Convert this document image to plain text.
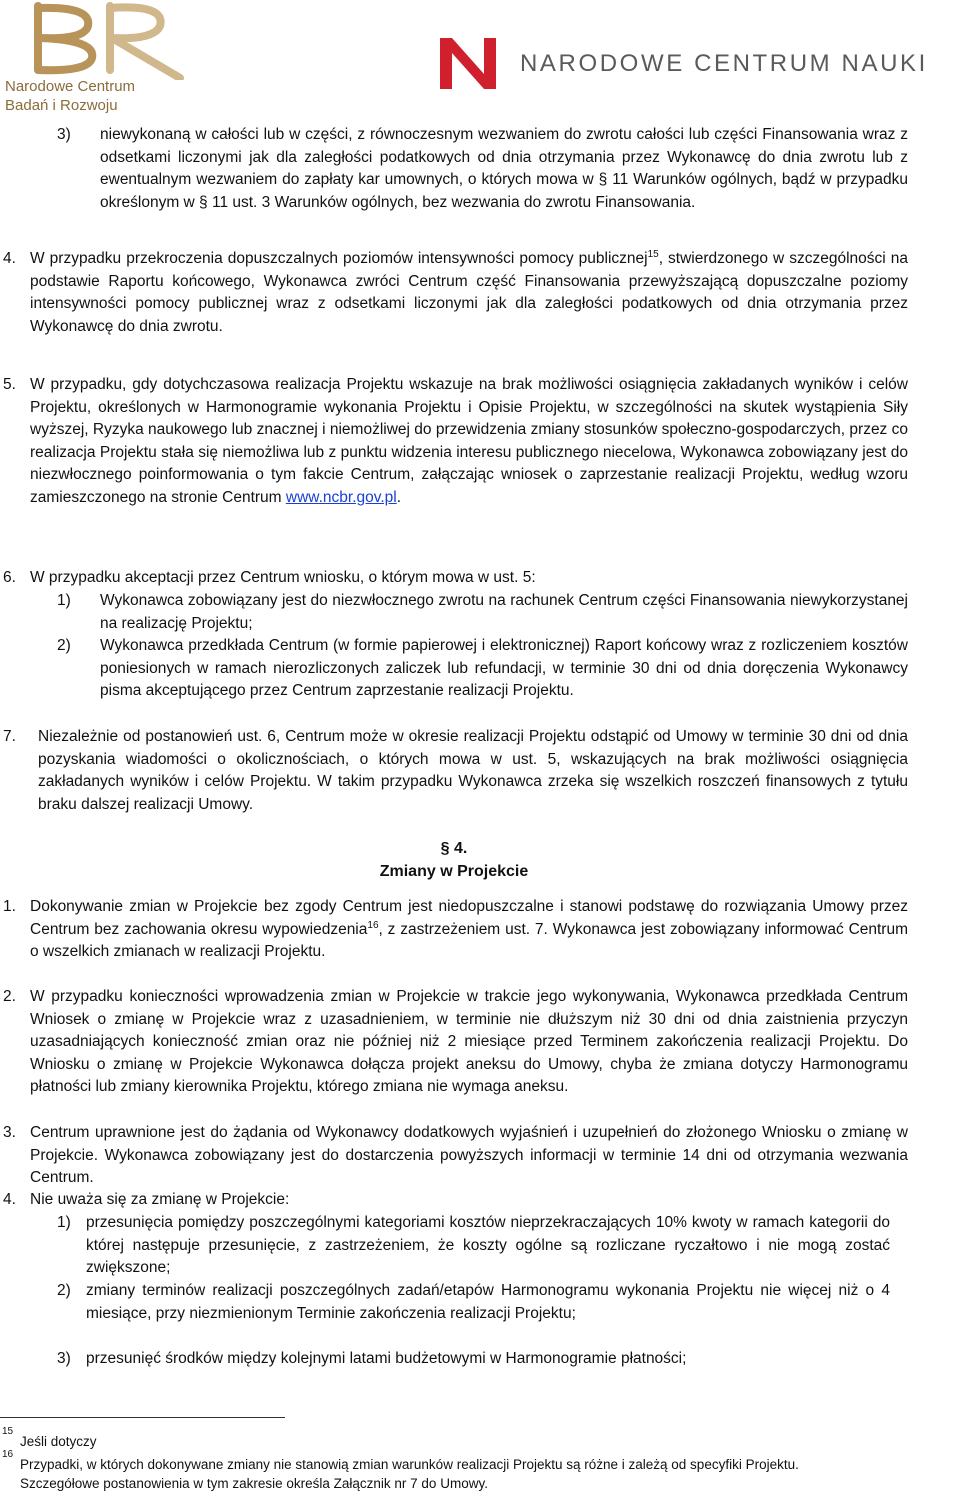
Narodowe Centrum
Badań i Rozwoju
NARODOWE CENTRUM NAUKI
3) niewykonaną w całości lub w części, z równoczesnym wezwaniem do zwrotu całości lub części Finansowania wraz z odsetkami liczonymi jak dla zaległości podatkowych od dnia otrzymania przez Wykonawcę do dnia zwrotu lub z ewentualnym wezwaniem do zapłaty kar umownych, o których mowa w § 11 Warunków ogólnych, bądź w przypadku określonym w § 11 ust. 3 Warunków ogólnych, bez wezwania do zwrotu Finansowania.
4. W przypadku przekroczenia dopuszczalnych poziomów intensywności pomocy publicznej$^{15}$, stwierdzonego w szczególności na podstawie Raportu końcowego, Wykonawca zwróci Centrum część Finansowania przewyższającą dopuszczalne poziomy intensywności pomocy publicznej wraz z odsetkami liczonymi jak dla zaległości podatkowych od dnia otrzymania przez Wykonawcę do dnia zwrotu.
5. W przypadku, gdy dotychczasowa realizacja Projektu wskazuje na brak możliwości osiągnięcia zakładanych wyników i celów Projektu, określonych w Harmonogramie wykonania Projektu i Opisie Projektu, w szczególności na skutek wystąpienia Siły wyższej, Ryzyka naukowego lub znacznej i niemożliwej do przewidzenia zmiany stosunków społeczno-gospodarczych, przez co realizacja Projektu stała się niemożliwa lub z punktu widzenia interesu publicznego niecelowa, Wykonawca zobowiązany jest do niezwłocznego poinformowania o tym fakcie Centrum, załączając wniosek o zaprzestanie realizacji Projektu, według wzoru zamieszczonego na stronie Centrum www.ncbr.gov.pl.
6. W przypadku akceptacji przez Centrum wniosku, o którym mowa w ust. 5:
1) Wykonawca zobowiązany jest do niezwłocznego zwrotu na rachunek Centrum części Finansowania niewykorzystanej na realizację Projektu;
2) Wykonawca przedkłada Centrum (w formie papierowej i elektronicznej) Raport końcowy wraz z rozliczeniem kosztów poniesionych w ramach nierozliczonych zaliczek lub refundacji, w terminie 30 dni od dnia doręczenia Wykonawcy pisma akceptującego przez Centrum zaprzestanie realizacji Projektu.
7. Niezależnie od postanowień ust. 6, Centrum może w okresie realizacji Projektu odstąpić od Umowy w terminie 30 dni od dnia pozyskania wiadomości o okolicznościach, o których mowa w ust. 5, wskazujących na brak możliwości osiągnięcia zakładanych wyników i celów Projektu. W takim przypadku Wykonawca zrzeka się wszelkich roszczeń finansowych z tytułu braku dalszej realizacji Umowy.
§ 4.
Zmiany w Projekcie
1. Dokonywanie zmian w Projekcie bez zgody Centrum jest niedopuszczalne i stanowi podstawę do rozwiązania Umowy przez Centrum bez zachowania okresu wypowiedzenia$^{16}$, z zastrzeżeniem ust. 7. Wykonawca jest zobowiązany informować Centrum o wszelkich zmianach w realizacji Projektu.
2. W przypadku konieczności wprowadzenia zmian w Projekcie w trakcie jego wykonywania, Wykonawca przedkłada Centrum Wniosek o zmianę w Projekcie wraz z uzasadnieniem, w terminie nie dłuższym niż 30 dni od dnia zaistnienia przyczyn uzasadniających konieczność zmian oraz nie później niż 2 miesiące przed Terminem zakończenia realizacji Projektu. Do Wniosku o zmianę w Projekcie Wykonawca dołącza projekt aneksu do Umowy, chyba że zmiana dotyczy Harmonogramu płatności lub zmiany kierownika Projektu, którego zmiana nie wymaga aneksu.
3. Centrum uprawnione jest do żądania od Wykonawcy dodatkowych wyjaśnień i uzupełnień do złożonego Wniosku o zmianę w Projekcie. Wykonawca zobowiązany jest do dostarczenia powyższych informacji w terminie 14 dni od otrzymania wezwania Centrum.
4. Nie uważa się za zmianę w Projekcie:
1) przesunięcia pomiędzy poszczególnymi kategoriami kosztów nieprzekraczających 10% kwoty w ramach kategorii do której następuje przesunięcie, z zastrzeżeniem, że koszty ogólne są rozliczane ryczałtowo i nie mogą zostać zwiększone;
2) zmiany terminów realizacji poszczególnych zadań/etapów Harmonogramu wykonania Projektu nie więcej niż o 4 miesiące, przy niezmienionym Terminie zakończenia realizacji Projektu;
3) przesunięć środków między kolejnymi latami budżetowymi w Harmonogramie płatności;
15
Jeśli dotyczy
16
Przypadki, w których dokonywane zmiany nie stanowią zmian warunków realizacji Projektu są różne i zależą od specyfiki Projektu. Szczegółowe postanowienia w tym zakresie określa Załącznik nr 7 do Umowy.
